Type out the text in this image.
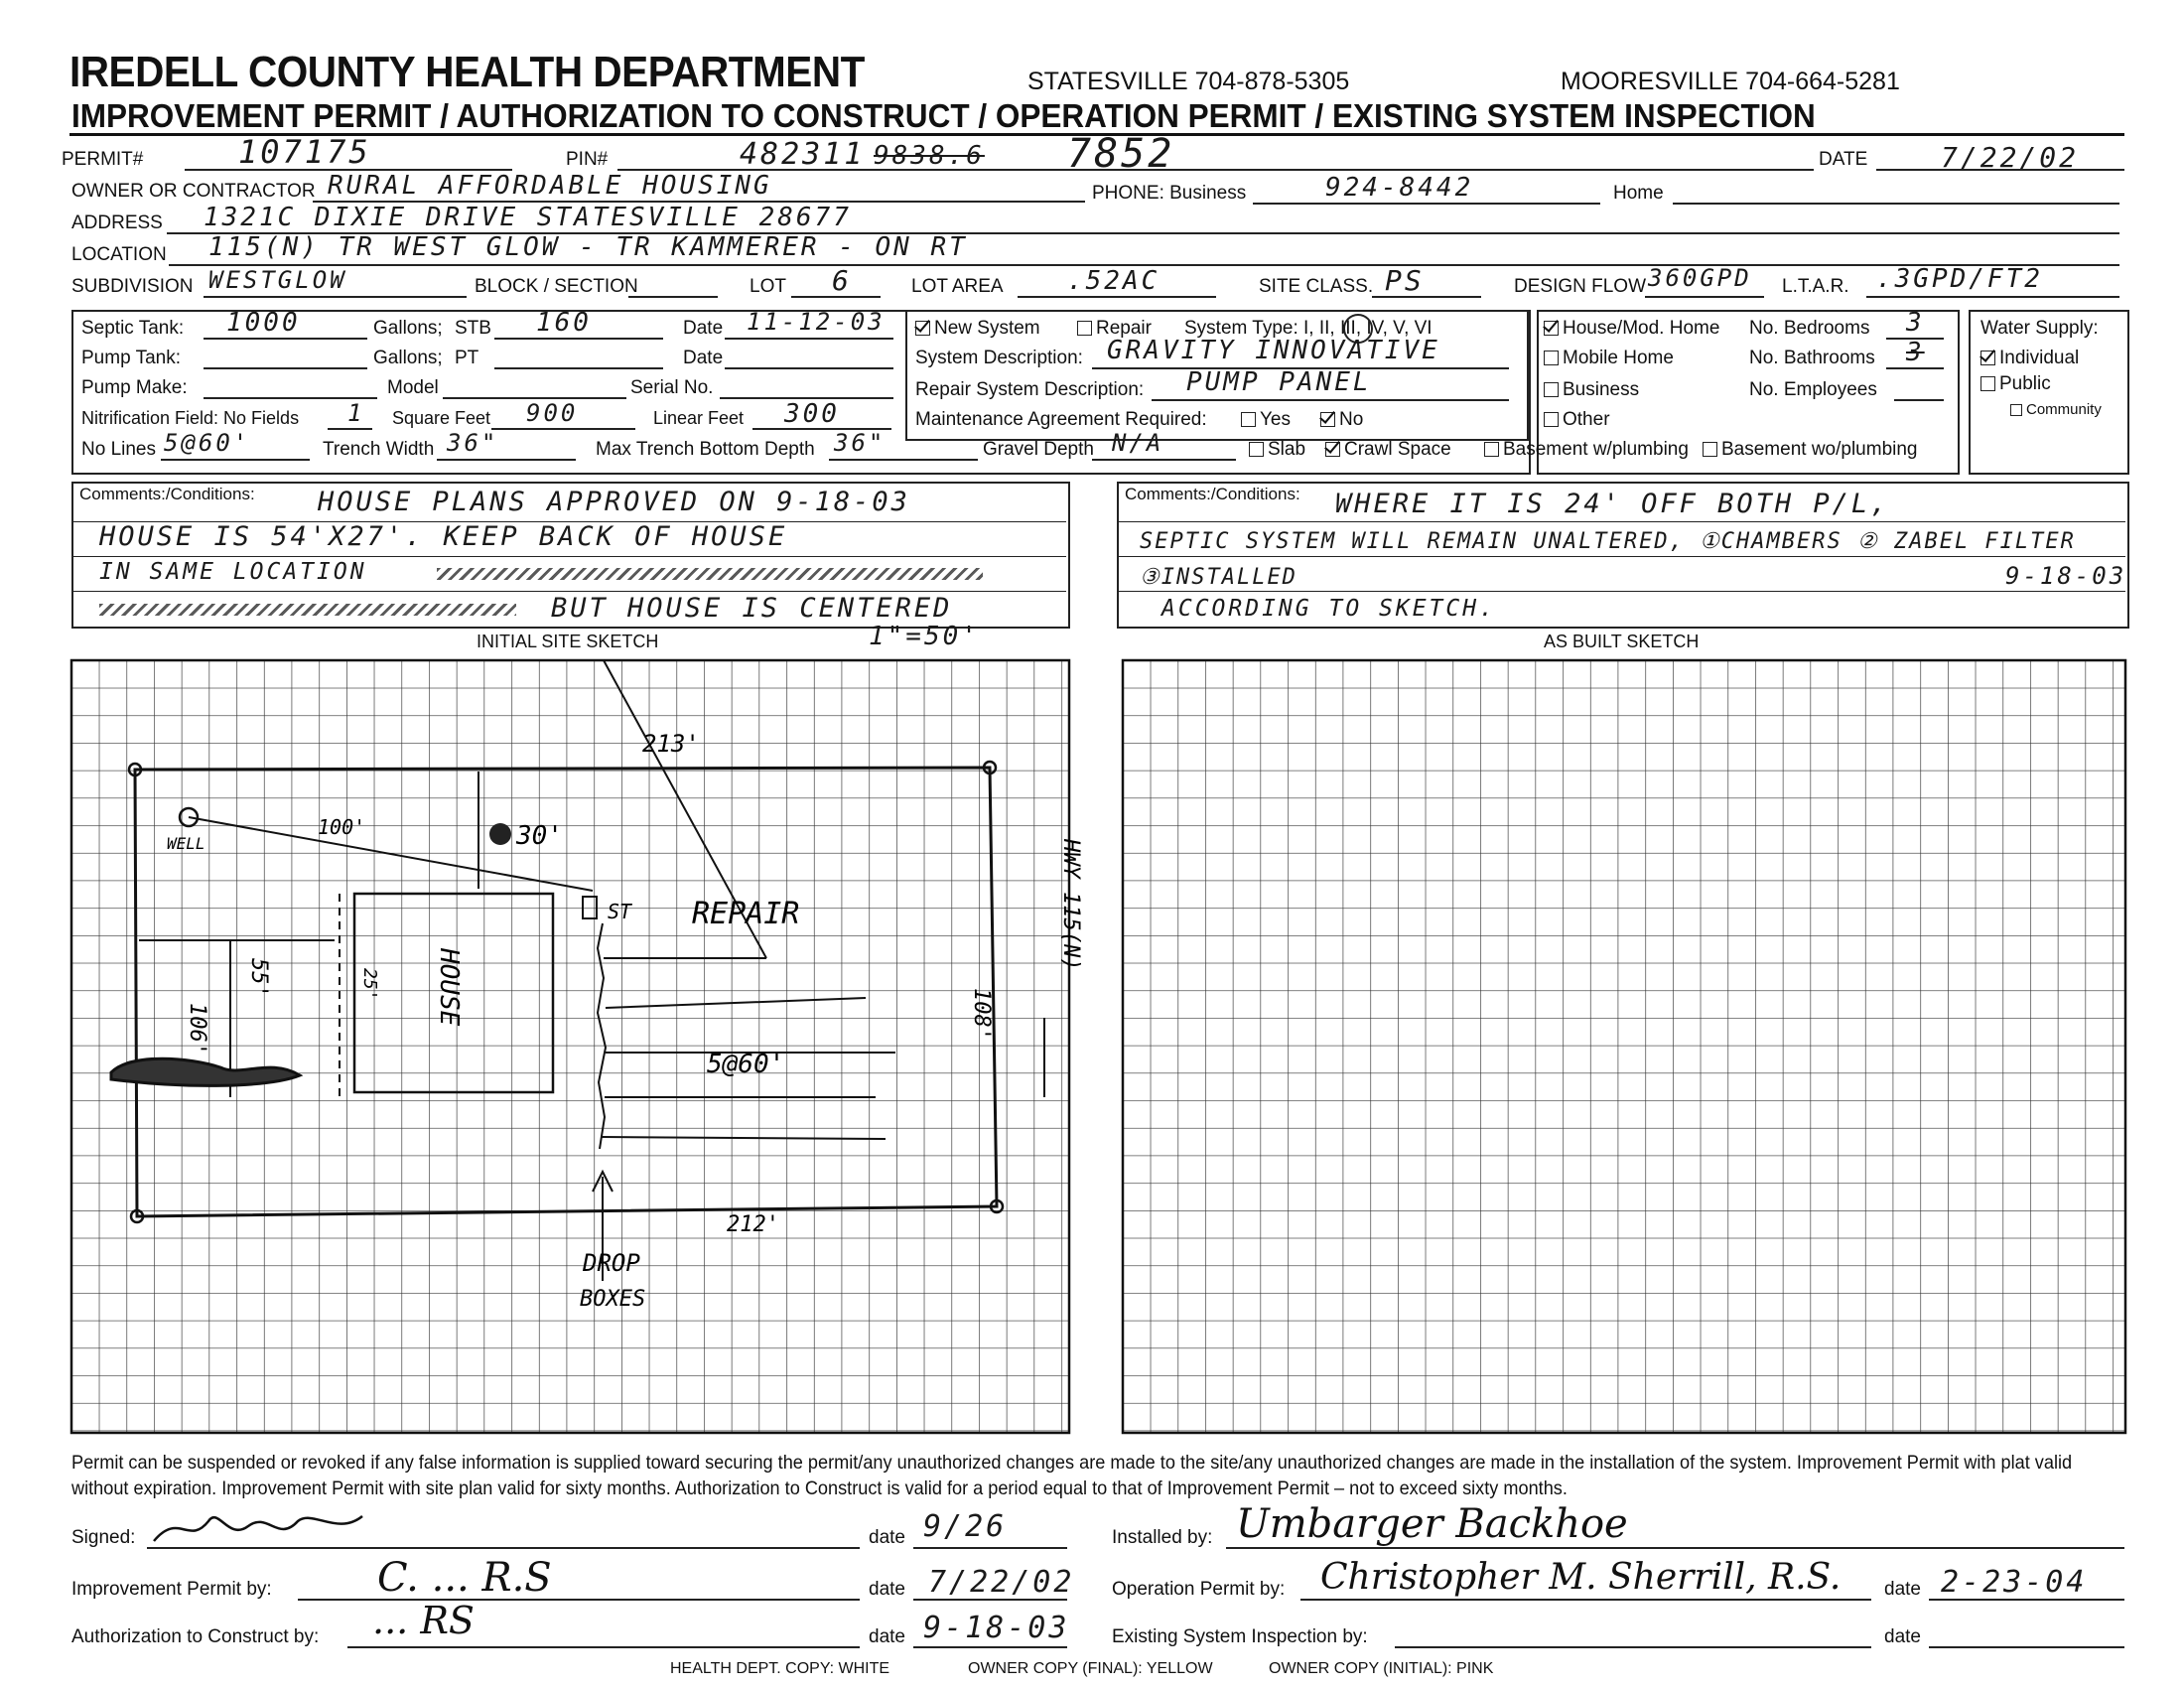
IREDELL COUNTY HEALTH DEPARTMENT	STATESVILLE 704-878-5305	MOORESVILLE 704-664-5281
IMPROVEMENT PERMIT / AUTHORIZATION TO CONSTRUCT / OPERATION PERMIT / EXISTING SYSTEM INSPECTION
PERMIT#	107175	PIN#	482311 9838.6 7852	DATE	7/22/02
OWNER OR CONTRACTOR RURAL AFFORDABLE HOUSING	PHONE: Business	924-8442	Home
ADDRESS 1321C DIXIE DRIVE STATESVILLE 28677
LOCATION 115(N) TR WEST GLOW - TR KAMMERER - ON RT
SUBDIVISION WESTGLOW	BLOCK / SECTION	LOT 6	LOT AREA .52AC	SITE CLASS. PS	DESIGN FLOW 360GPD L.T.A.R. .3GPD/FT2
Septic Tank: 1000	Gallons; STB 160	Date 11-12-03
Pump Tank:	Gallons; PT	Date
Pump Make:	Model	Serial No.
Nitrification Field: No Fields 1 Square Feet 900	Linear Feet 300
No Lines 5@60'	Trench Width 36"	Max Trench Bottom Depth 36"	Gravel Depth N/A	Slab	Crawl Space	Basement w/plumbing	Basement wo/plumbing
New System	Repair System Type: I, II, III, IV, V, VI
System Description: GRAVITY INNOVATIVE
Repair System Description: PUMP PANEL
Maintenance Agreement Required:	Yes	No
House/Mod. Home
Mobile Home
Business
Other
No. Bedrooms 3
No. Bathrooms 3
No. Employees
Water Supply:
Individual
Public
Community
Comments:/Conditions: HOUSE PLANS APPROVED ON 9-18-03
HOUSE IS 54'X27'. KEEP BACK OF HOUSE
IN SAME LOCATION
BUT HOUSE IS CENTERED
Comments:/Conditions: WHERE IT IS 24' OFF BOTH P/L,
SEPTIC SYSTEM WILL REMAIN UNALTERED, ①CHAMBERS ② ZABEL FILTER ③INSTALLED
ACCORDING TO SKETCH.
9-18-03
INITIAL SITE SKETCH	1"=50'	AS BUILT SKETCH
213'
212'
106'	108'
WELL
100'	30'
ST REPAIR
HOUSE
55'	25'
5@60'
DROP
BOXES
HWY 115(N)
Permit can be suspended or revoked if any false information is supplied toward securing the permit/any unauthorized changes are made to the site/any unauthorized changes are made in the installation of the system. Improvement Permit with plat valid without expiration. Improvement Permit with site plan valid for sixty months. Authorization to Construct is valid for a period equal to that of Improvement Permit – not to exceed sixty months.
Signed:	date 9/26	Installed by: Umbarger Backhoe
Improvement Permit by:	C. ... R.S	date 7/22/02 Operation Permit by: Christopher M. Sherrill, R.S. date 2-23-04
Authorization to Construct by: ... RS	date 9-18-03 Existing System Inspection by:	date
HEALTH DEPT. COPY: WHITE	OWNER COPY (FINAL): YELLOW	OWNER COPY (INITIAL): PINK
